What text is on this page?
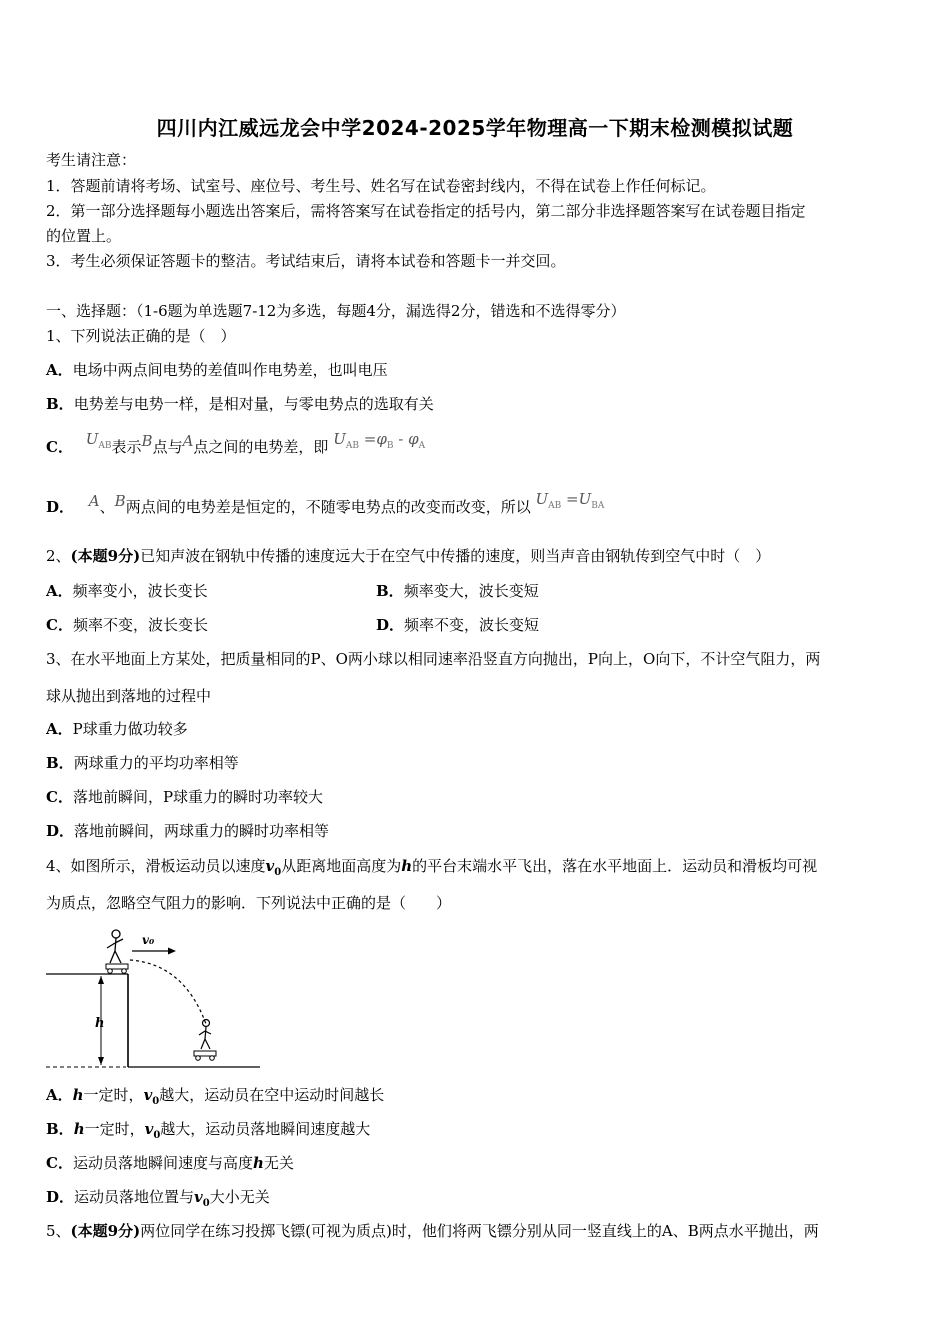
四川内江威远龙会中学2024-2025学年物理高一下期末检测模拟试题
考生请注意：
1．答题前请将考场、试室号、座位号、考生号、姓名写在试卷密封线内，不得在试卷上作任何标记。
2．第一部分选择题每小题选出答案后，需将答案写在试卷指定的括号内，第二部分非选择题答案写在试卷题目指定
的位置上。
3．考生必须保证答题卡的整洁。考试结束后，请将本试卷和答题卡一并交回。
一、选择题：（1-6题为单选题7-12为多选，每题4分，漏选得2分，错选和不选得零分）
1、下列说法正确的是（　）
A．电场中两点间电势的差值叫作电势差，也叫电压
B．电势差与电势一样，是相对量，与零电势点的选取有关
C． $U_{AB}$表示B点与A点之间的电势差，即 $U_{AB} =\varphi_B - \varphi_A$
D． A、B两点间的电势差是恒定的，不随零电势点的改变而改变，所以 $U_{AB} =U_{BA}$
2、(本题9分)已知声波在钢轨中传播的速度远大于在空气中传播的速度，则当声音由钢轨传到空气中时（　）
A．频率变小，波长变长	B．频率变大，波长变短
C．频率不变，波长变长	D．频率不变，波长变短
3、在水平地面上方某处，把质量相同的P、O两小球以相同速率沿竖直方向抛出，P向上，O向下，不计空气阻力，两
球从抛出到落地的过程中
A．P球重力做功较多
B．两球重力的平均功率相等
C．落地前瞬间，P球重力的瞬时功率较大
D．落地前瞬间，两球重力的瞬时功率相等
4、如图所示，滑板运动员以速度$v_0$从距离地面高度为h的平台末端水平飞出，落在水平地面上．运动员和滑板均可视
为质点，忽略空气阻力的影响．下列说法中正确的是（　　）
h
v₀
A．h一定时，$v_0$越大，运动员在空中运动时间越长
B．h一定时，$v_0$越大，运动员落地瞬间速度越大
C．运动员落地瞬间速度与高度h无关
D．运动员落地位置与$v_0$大小无关
5、(本题9分)两位同学在练习投掷飞镖(可视为质点)时，他们将两飞镖分别从同一竖直线上的A、B两点水平抛出，两
